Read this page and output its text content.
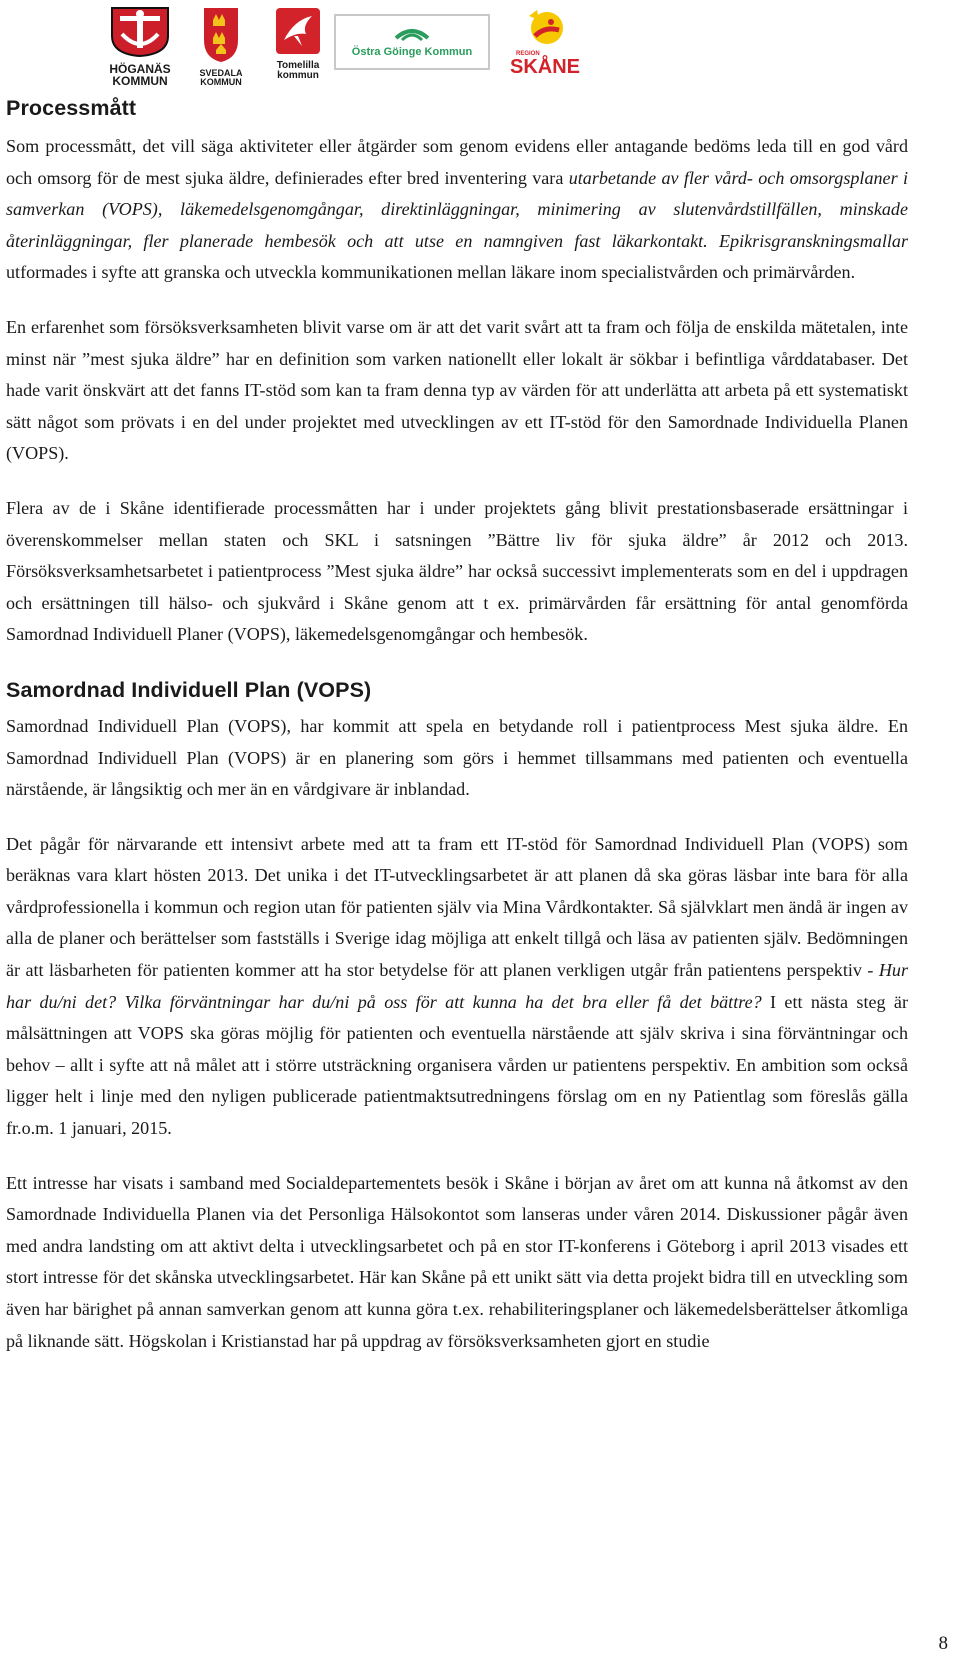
HÖGANÄS
KOMMUN
SVEDALA KOMMUN
Tomelilla
kommun
Östra Göinge Kommun	REGION
SKÅNE
Processmått

Som processmått, det vill säga aktiviteter eller åtgärder som genom evidens eller antagande bedöms leda till en god vård och omsorg för de mest sjuka äldre, definierades efter bred inventering vara utarbetande av fler vård- och omsorgsplaner i samverkan (VOPS), läkemedelsgenomgångar, direktinläggningar, minimering av slutenvårdstillfällen, minskade återinläggningar, fler planerade hembesök och att utse en namngiven fast läkarkontakt. Epikrisgranskningsmallar utformades i syfte att granska och utveckla kommunikationen mellan läkare inom specialistvården och primärvården.

En erfarenhet som försöksverksamheten blivit varse om är att det varit svårt att ta fram och följa de enskilda mätetalen, inte minst när ”mest sjuka äldre” har en definition som varken nationellt eller lokalt är sökbar i befintliga vårddatabaser. Det hade varit önskvärt att det fanns IT-stöd som kan ta fram denna typ av värden för att underlätta att arbeta på ett systematiskt sätt något som prövats i en del under projektet med utvecklingen av ett IT-stöd för den Samordnade Individuella Planen (VOPS).

Flera av de i Skåne identifierade processmåtten har i under projektets gång blivit prestationsbaserade ersättningar i överenskommelser mellan staten och SKL i satsningen ”Bättre liv för sjuka äldre” år 2012 och 2013. Försöksverksamhetsarbetet i patientprocess ”Mest sjuka äldre” har också successivt implementerats som en del i uppdragen och ersättningen till hälso- och sjukvård i Skåne genom att t ex. primärvården får ersättning för antal genomförda Samordnad Individuell Planer (VOPS), läkemedelsgenomgångar och hembesök.

Samordnad Individuell Plan (VOPS)

Samordnad Individuell Plan (VOPS), har kommit att spela en betydande roll i patientprocess Mest sjuka äldre. En Samordnad Individuell Plan (VOPS) är en planering som görs i hemmet tillsammans med patienten och eventuella närstående, är långsiktig och mer än en vårdgivare är inblandad.

Det pågår för närvarande ett intensivt arbete med att ta fram ett IT-stöd för Samordnad Individuell Plan (VOPS) som beräknas vara klart hösten 2013. Det unika i det IT-utvecklingsarbetet är att planen då ska göras läsbar inte bara för alla vårdprofessionella i kommun och region utan för patienten själv via Mina Vårdkontakter. Så självklart men ändå är ingen av alla de planer och berättelser som fastställs i Sverige idag möjliga att enkelt tillgå och läsa av patienten själv. Bedömningen är att läsbarheten för patienten kommer att ha stor betydelse för att planen verkligen utgår från patientens perspektiv - Hur har du/ni det? Vilka förväntningar har du/ni på oss för att kunna ha det bra eller få det bättre? I ett nästa steg är målsättningen att VOPS ska göras möjlig för patienten och eventuella närstående att själv skriva i sina förväntningar och behov – allt i syfte att nå målet att i större utsträckning organisera vården ur patientens perspektiv. En ambition som också ligger helt i linje med den nyligen publicerade patientmaktsutredningens förslag om en ny Patientlag som föreslås gälla fr.o.m. 1 januari, 2015.

Ett intresse har visats i samband med Socialdepartementets besök i Skåne i början av året om att kunna nå åtkomst av den Samordnade Individuella Planen via det Personliga Hälsokontot som lanseras under våren 2014. Diskussioner pågår även med andra landsting om att aktivt delta i utvecklingsarbetet och på en stor IT-konferens i Göteborg i april 2013 visades ett stort intresse för det skånska utvecklingsarbetet. Här kan Skåne på ett unikt sätt via detta projekt bidra till en utveckling som även har bärighet på annan samverkan genom att kunna göra t.ex. rehabiliteringsplaner och läkemedelsberättelser åtkomliga på liknande sätt. Högskolan i Kristianstad har på uppdrag av försöksverksamheten gjort en studie

8
